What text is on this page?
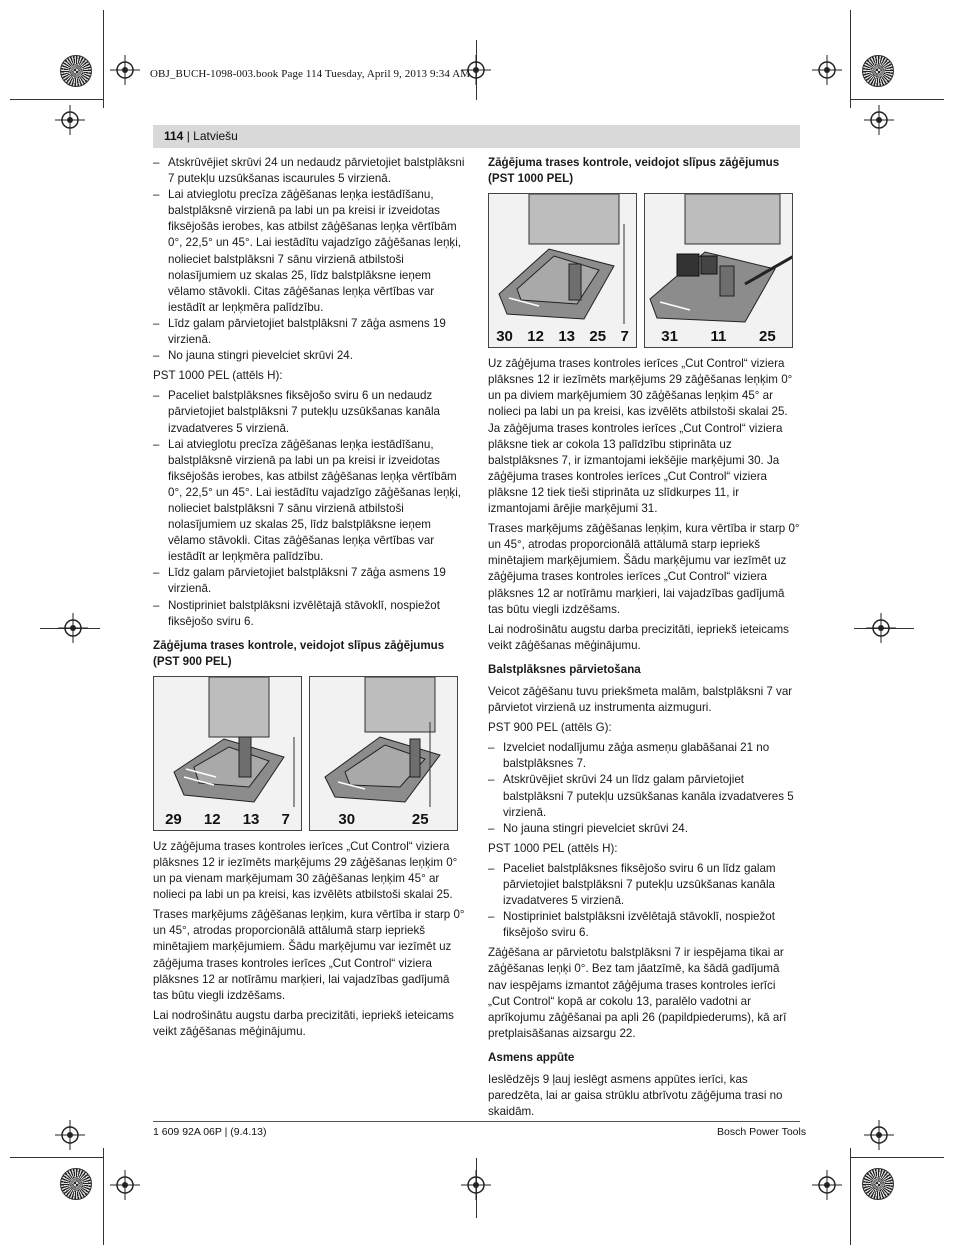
OBJ_BUCH-1098-003.book Page 114 Tuesday, April 9, 2013 9:34 AM
114 | Latviešu
– Atskrūvējiet skrūvi 24 un nedaudz pārvietojiet balstplāksni 7 putekļu uzsūkšanas iscaurules 5 virzienā.
– Lai atvieglotu precīza zāģēšanas leņķa iestādīšanu, balstplāksnē virzienā pa labi un pa kreisi ir izveidotas fiksējošās ierobes, kas atbilst zāģēšanas leņķa vērtībām 0°, 22,5° un 45°. Lai iestādītu vajadzīgo zāģēšanas leņķi, nolieciet balstplāksni 7 sānu virzienā atbilstoši nolasījumiem uz skalas 25, līdz balstplāksne ieņem vēlamo stāvokli. Citas zāģēšanas leņķa vērtības var iestādīt ar leņķmēra palīdzību.
– Līdz galam pārvietojiet balstplāksni 7 zāģa asmens 19 virzienā.
– No jauna stingri pievelciet skrūvi 24.

PST 1000 PEL (attēls H):

– Paceliet balstplāksnes fiksējošo sviru 6 un nedaudz pārvietojiet balstplāksni 7 putekļu uzsūkšanas kanāla izvadatveres 5 virzienā.
– Lai atvieglotu precīza zāģēšanas leņķa iestādīšanu, balstplāksnē virzienā pa labi un pa kreisi ir izveidotas fiksējošās ierobes, kas atbilst zāģēšanas leņķa vērtībām 0°, 22,5° un 45°. Lai iestādītu vajadzīgo zāģēšanas leņķi, nolieciet balstplāksni 7 sānu virzienā atbilstoši nolasījumiem uz skalas 25, līdz balstplāksne ieņem vēlamo stāvokli. Citas zāģēšanas leņķa vērtības var iestādīt ar leņķmēra palīdzību.
– Līdz galam pārvietojiet balstplāksni 7 zāģa asmens 19 virzienā.
– Nostipriniet balstplāksni izvēlētajā stāvoklī, nospiežot fiksējošo sviru 6.
Zāģējuma trases kontrole, veidojot slīpus zāģējumus (PST 900 PEL)
29 12 13 7	30	25

Uz zāģējuma trases kontroles ierīces „Cut Control“ viziera plāksnes 12 ir iezīmēts marķējums 29 zāģēšanas leņķim 0° un pa vienam marķējumam 30 zāģēšanas leņķim 45° ar nolieci pa labi un pa kreisi, kas izvēlēts atbilstoši skalai 25.

Trases marķējums zāģēšanas leņķim, kura vērtība ir starp 0° un 45°, atrodas proporcionālā attālumā starp iepriekš minētajiem marķējumiem. Šādu marķējumu var iezīmēt uz zāģējuma trases kontroles ierīces „Cut Control“ viziera plāksnes 12 ar notīrāmu marķieri, lai vajadzības gadījumā tas būtu viegli izdzēšams.

Lai nodrošinātu augstu darba precizitāti, iepriekš ieteicams veikt zāģēšanas mēģinājumu.

Zāģējuma trases kontrole, veidojot slīpus zāģējumus (PST 1000 PEL)
30 12 13 25 7 31 11 25

Uz zāģējuma trases kontroles ierīces „Cut Control“ viziera plāksnes 12 ir iezīmēts marķējums 29 zāģēšanas leņķim 0° un pa diviem marķējumiem 30 zāģēšanas leņķim 45° ar nolieci pa labi un pa kreisi, kas izvēlēts atbilstoši skalai 25. Ja zāģējuma trases kontroles ierīces „Cut Control“ viziera plāksne tiek ar cokola 13 palīdzību stiprināta uz balstplāksnes 7, ir izmantojami iekšējie marķējumi 30. Ja zāģējuma trases kontroles ierīces „Cut Control“ viziera plāksne 12 tiek tieši stiprināta uz slīdkurpes 11, ir izmantojami ārējie marķējumi 31.

Trases marķējums zāģēšanas leņķim, kura vērtība ir starp 0° un 45°, atrodas proporcionālā attālumā starp iepriekš minētajiem marķējumiem. Šādu marķējumu var iezīmēt uz zāģējuma trases kontroles ierīces „Cut Control“ viziera plāksnes 12 ar notīrāmu marķieri, lai vajadzības gadījumā tas būtu viegli izdzēšams.

Lai nodrošinātu augstu darba precizitāti, iepriekš ieteicams veikt zāģēšanas mēģinājumu.

Balstplāksnes pārvietošana

Veicot zāģēšanu tuvu priekšmeta malām, balstplāksni 7 var pārvietot virzienā uz instrumenta aizmuguri.

PST 900 PEL (attēls G):

– Izvelciet nodalījumu zāģa asmeņu glabāšanai 21 no balstplāksnes 7.
– Atskrūvējiet skrūvi 24 un līdz galam pārvietojiet balstplāksni 7 putekļu uzsūkšanas kanāla izvadatveres 5 virzienā.
– No jauna stingri pievelciet skrūvi 24.

PST 1000 PEL (attēls H):

– Paceliet balstplāksnes fiksējošo sviru 6 un līdz galam pārvietojiet balstplāksni 7 putekļu uzsūkšanas kanāla izvadatveres 5 virzienā.
– Nostipriniet balstplāksni izvēlētajā stāvoklī, nospiežot fiksējošo sviru 6.

Zāģēšana ar pārvietotu balstplāksni 7 ir iespējama tikai ar zāģēšanas leņķi 0°. Bez tam jāatzīmē, ka šādā gadījumā nav iespējams izmantot zāģējuma trases kontroles ierīci „Cut Control“ kopā ar cokolu 13, paralēlo vadotni ar aprīkojumu zāģēšanai pa apli 26 (papildpiederums), kā arī pretplaisāšanas aizsargu 22.

Asmens appūte

Ieslēdzējs 9 ļauj ieslēgt asmens appūtes ierīci, kas paredzēta, lai ar gaisa strūklu atbrīvotu zāģējuma trasi no skaidām.

1 609 92A 06P | (9.4.13)	Bosch Power Tools
